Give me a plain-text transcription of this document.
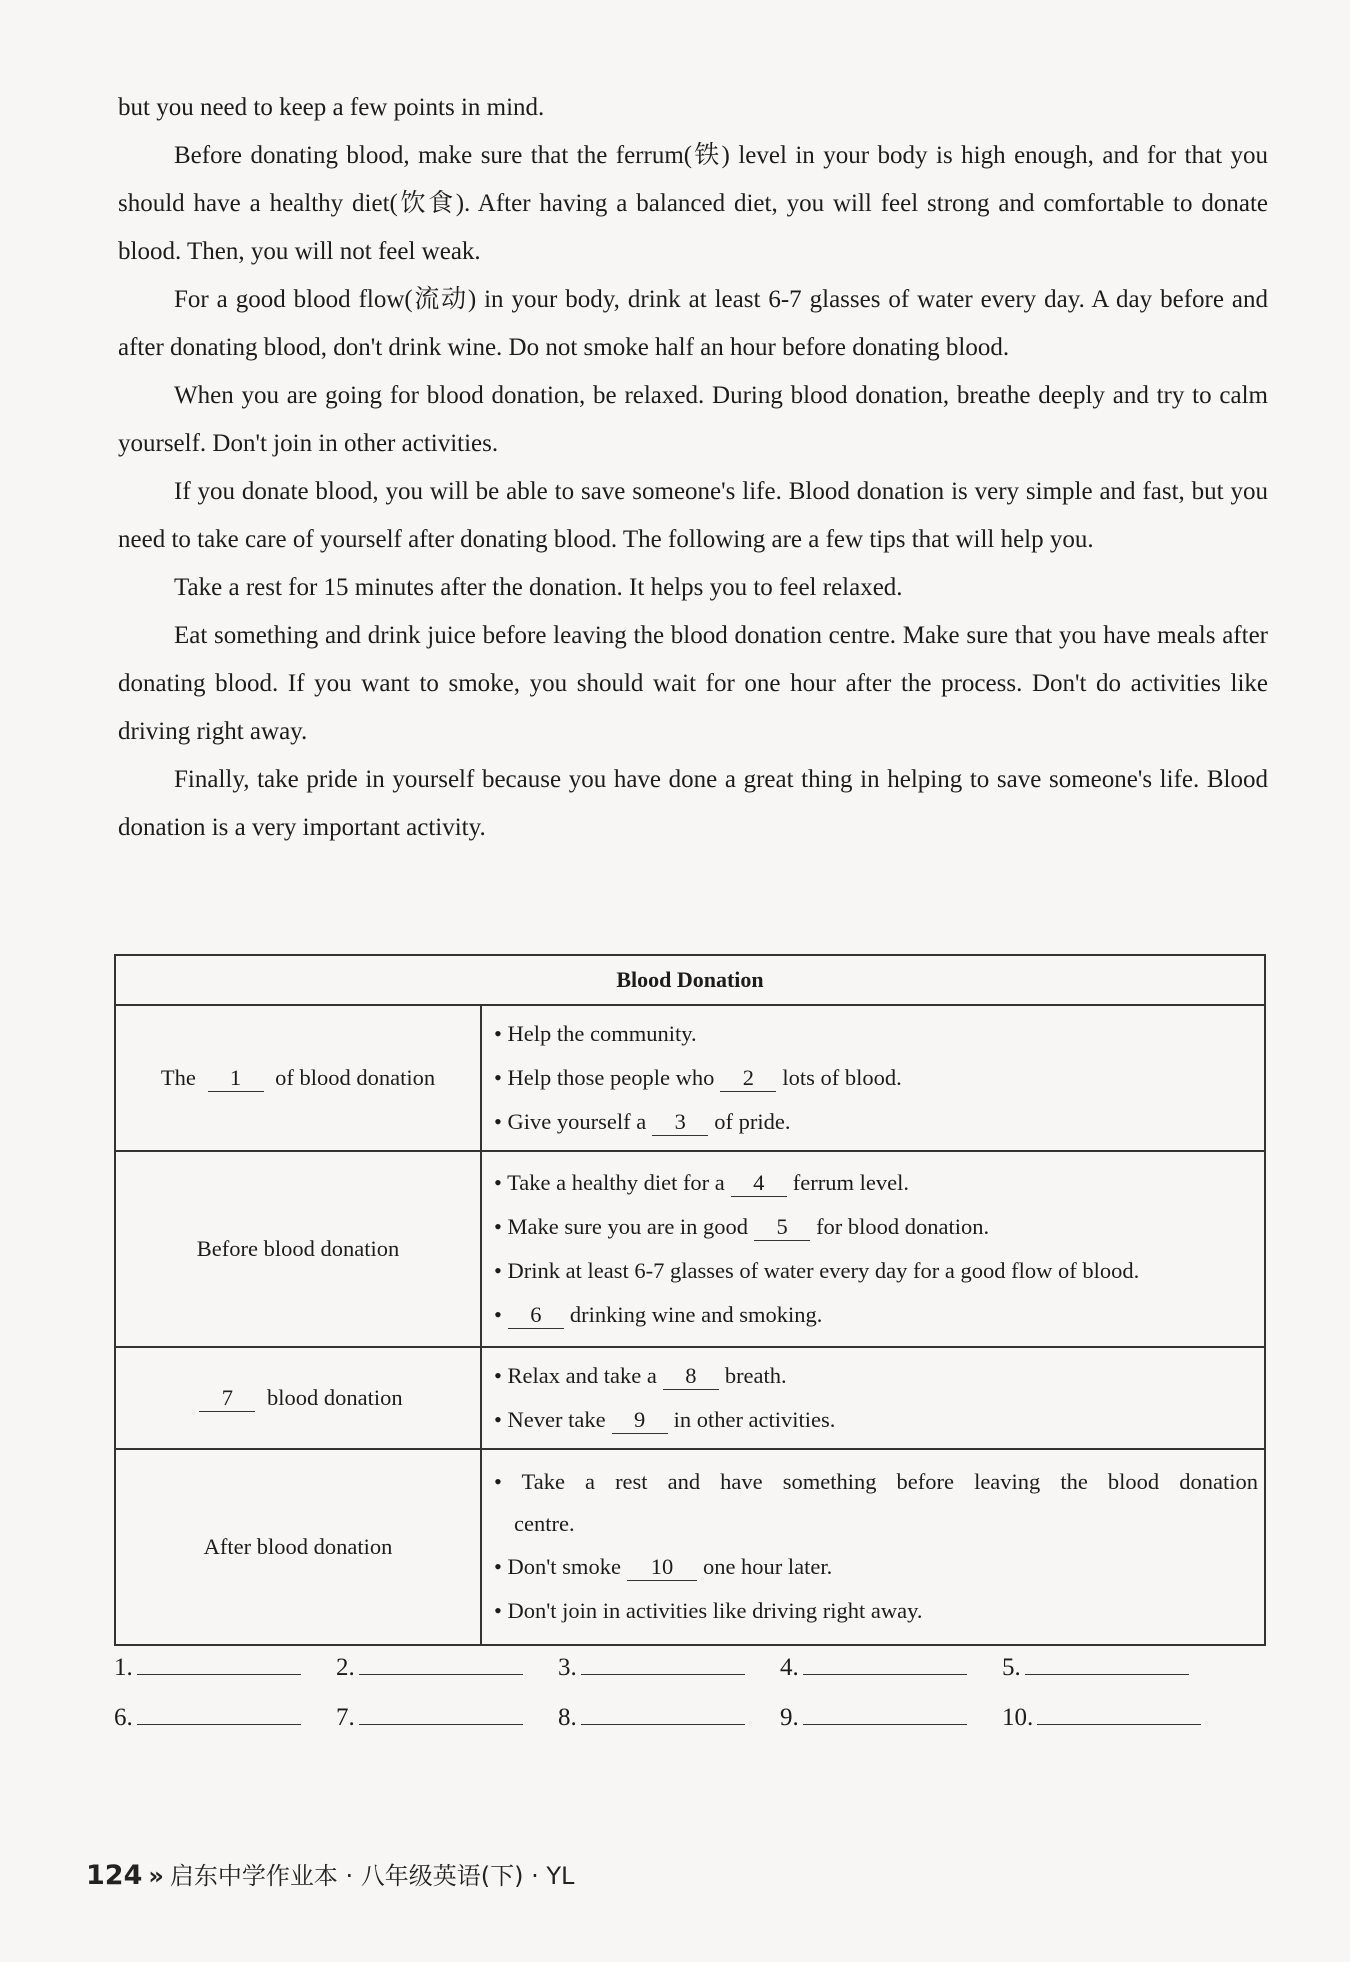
but you need to keep a few points in mind.

Before donating blood, make sure that the ferrum(铁) level in your body is high enough, and for that you should have a healthy diet(饮食). After having a balanced diet, you will feel strong and comfortable to donate blood. Then, you will not feel weak.

For a good blood flow(流动) in your body, drink at least 6-7 glasses of water every day. A day before and after donating blood, don't drink wine. Do not smoke half an hour before donating blood.

When you are going for blood donation, be relaxed. During blood donation, breathe deeply and try to calm yourself. Don't join in other activities.

If you donate blood, you will be able to save someone's life. Blood donation is very simple and fast, but you need to take care of yourself after donating blood. The following are a few tips that will help you.

Take a rest for 15 minutes after the donation. It helps you to feel relaxed.

Eat something and drink juice before leaving the blood donation centre. Make sure that you have meals after donating blood. If you want to smoke, you should wait for one hour after the process. Don't do activities like driving right away.

Finally, take pride in yourself because you have done a great thing in helping to save someone's life. Blood donation is a very important activity.

Blood Donation	
The 1 of blood donation	• Help the community.
• Help those people who 2 lots of blood.
• Give yourself a 3 of pride.

Before blood donation	• Take a healthy diet for a 4 ferrum level.
• Make sure you are in good 5 for blood donation.
• Drink at least 6-7 glasses of water every day for a good flow of blood.
• 6 drinking wine and smoking.

7 blood donation	• Relax and take a 8 breath.
• Never take 9 in other activities.

After blood donation	• Take a rest and have something before leaving the blood donation
centre.
• Don't smoke 10 one hour later.
• Don't join in activities like driving right away.
1.	2.	3.	4.	5.
6.	7.	8.	9.	10.
124 » 启东中学作业本 · 八年级英语(下) · YL
